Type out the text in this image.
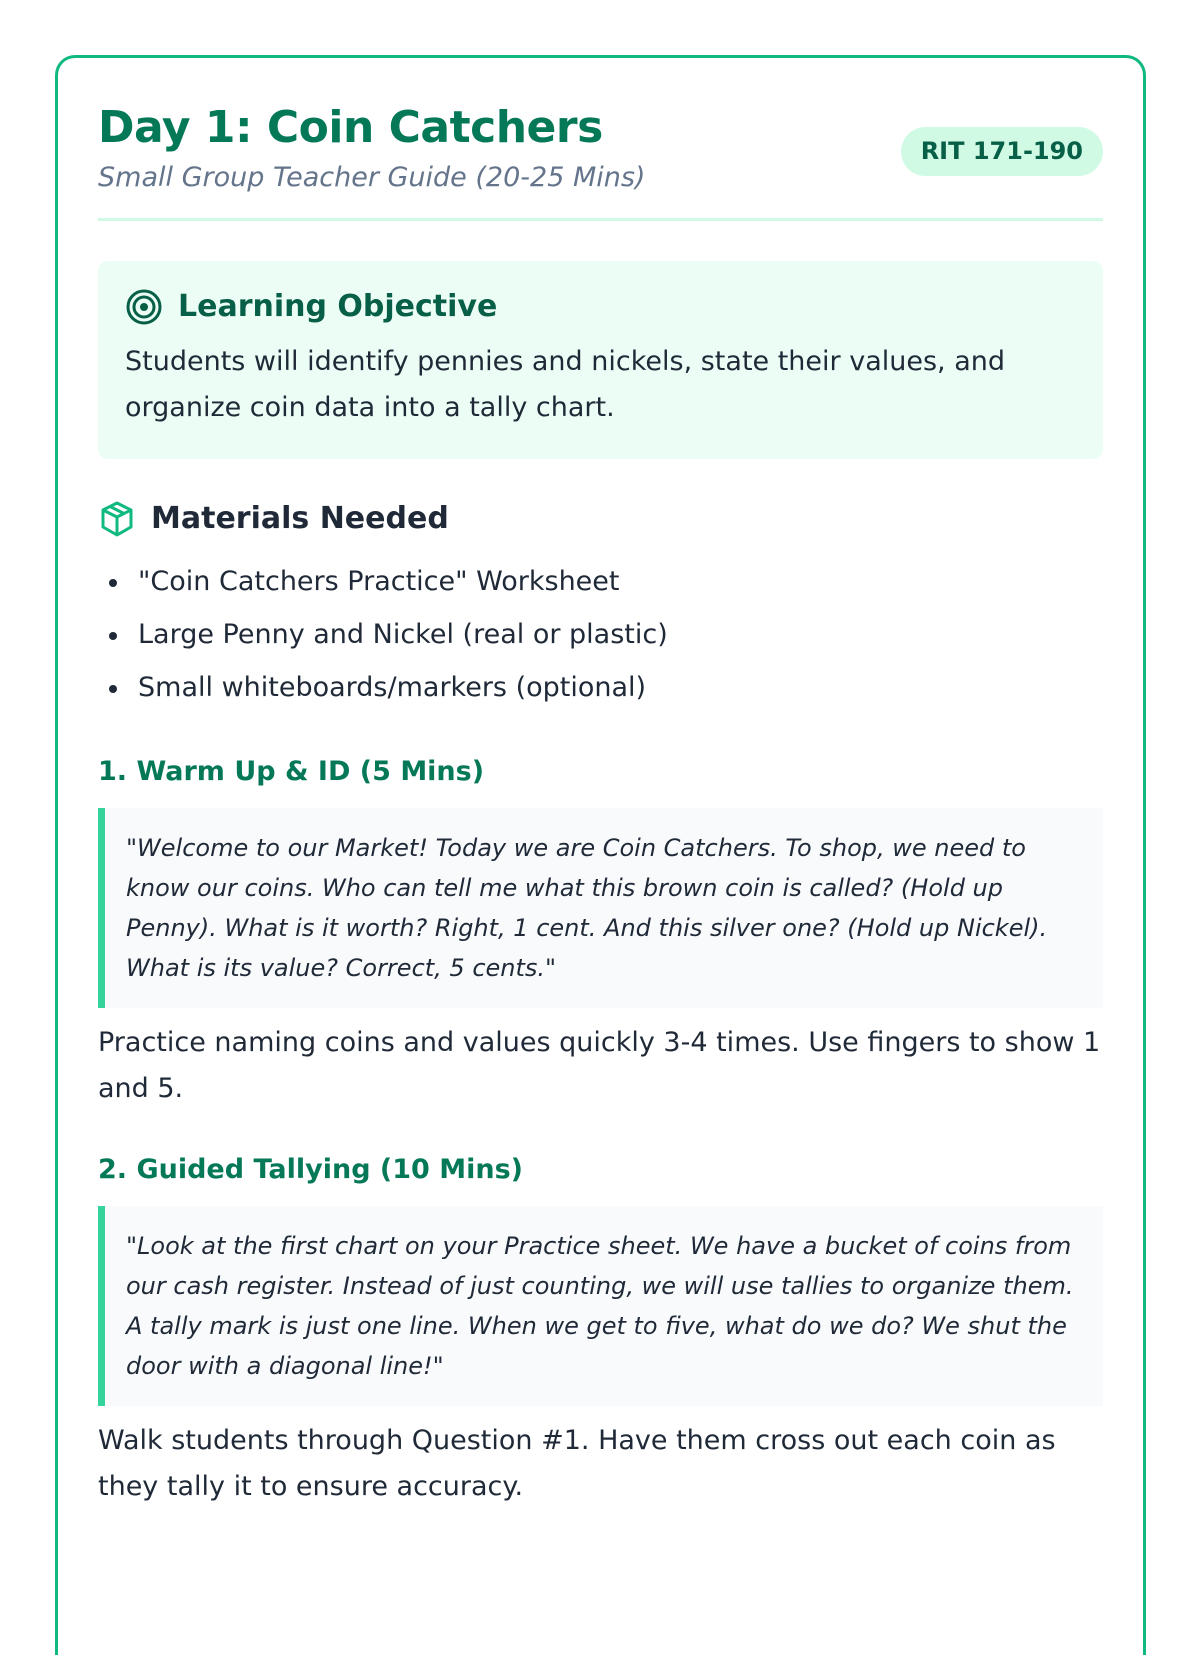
Day 1: Coin Catchers
Small Group Teacher Guide (20-25 Mins)
RIT 171-190
Learning Objective
Students will identify pennies and nickels, state their values, and organize coin data into a tally chart.
Materials Needed
"Coin Catchers Practice" Worksheet
Large Penny and Nickel (real or plastic)
Small whiteboards/markers (optional)
1. Warm Up & ID (5 Mins)
"Welcome to our Market! Today we are Coin Catchers. To shop, we need to know our coins. Who can tell me what this brown coin is called? (Hold up Penny). What is it worth? Right, 1 cent. And this silver one? (Hold up Nickel). What is its value? Correct, 5 cents."
Practice naming coins and values quickly 3-4 times. Use fingers to show 1 and 5.
2. Guided Tallying (10 Mins)
"Look at the first chart on your Practice sheet. We have a bucket of coins from our cash register. Instead of just counting, we will use tallies to organize them. A tally mark is just one line. When we get to five, what do we do? We shut the door with a diagonal line!"
Walk students through Question #1. Have them cross out each coin as they tally it to ensure accuracy.
